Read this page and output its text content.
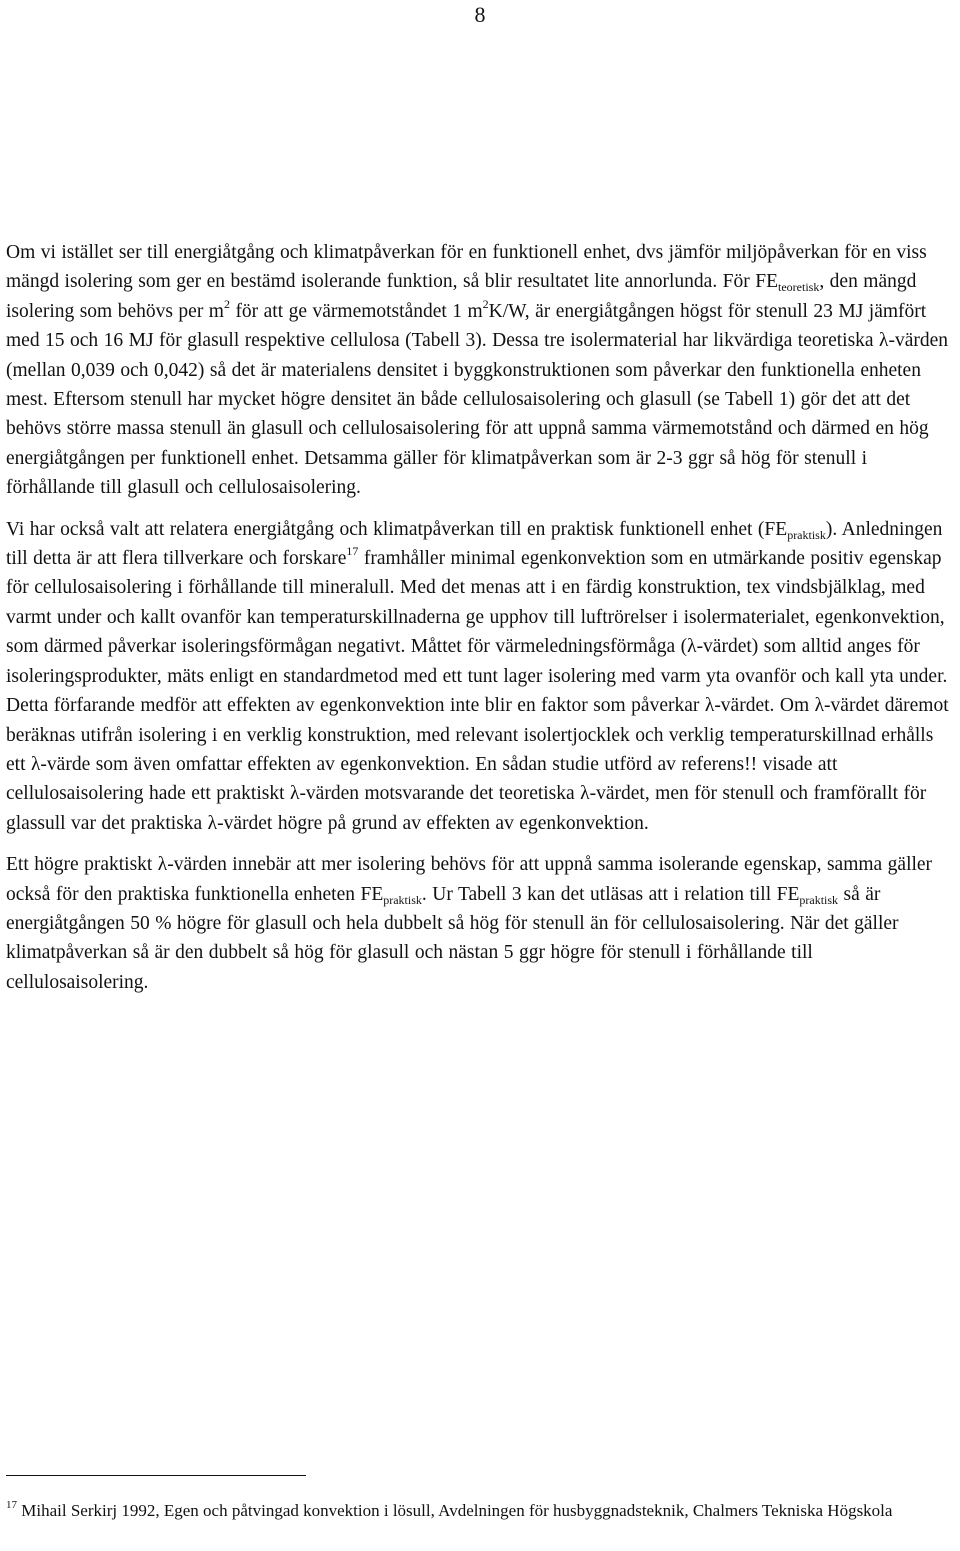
8

Om vi istället ser till energiåtgång och klimatpåverkan för en funktionell enhet, dvs jämför miljöpåverkan för en viss mängd isolering som ger en bestämd isolerande funktion, så blir resultatet lite annorlunda. För $FE_{teoretisk}$, den mängd isolering som behövs per $m^2$ för att ge värmemotståndet 1 $m^2K/W$, är energiåtgången högst för stenull 23 MJ jämfört med 15 och 16 MJ för glasull respektive cellulosa (Tabell 3). Dessa tre isolermaterial har likvärdiga teoretiska λ-värden (mellan 0,039 och 0,042) så det är materialens densitet i byggkonstruktionen som påverkar den funktionella enheten mest. Eftersom stenull har mycket högre densitet än både cellulosaisolering och glasull (se Tabell 1) gör det att det behövs större massa stenull än glasull och cellulosaisolering för att uppnå samma värmemotstånd och därmed en hög energiåtgången per funktionell enhet. Detsamma gäller för klimatpåverkan som är 2-3 ggr så hög för stenull i förhållande till glasull och cellulosaisolering.

Vi har också valt att relatera energiåtgång och klimatpåverkan till en praktisk funktionell enhet $(FE_{praktisk})$. Anledningen till detta är att flera tillverkare och forskare$^{17}$ framhåller minimal egenkonvektion som en utmärkande positiv egenskap för cellulosaisolering i förhållande till mineralull. Med det menas att i en färdig konstruktion, tex vindsbjälklag, med varmt under och kallt ovanför kan temperaturskillnaderna ge upphov till luftrörelser i isolermaterialet, egenkonvektion, som därmed påverkar isoleringsförmågan negativt. Måttet för värmeledningsförmåga (λ-värdet) som alltid anges för isoleringsprodukter, mäts enligt en standardmetod med ett tunt lager isolering med varm yta ovanför och kall yta under. Detta förfarande medför att effekten av egenkonvektion inte blir en faktor som påverkar λ-värdet. Om λ-värdet däremot beräknas utifrån isolering i en verklig konstruktion, med relevant isolertjocklek och verklig temperaturskillnad erhålls ett λ-värde som även omfattar effekten av egenkonvektion. En sådan studie utförd av referens!! visade att cellulosaisolering hade ett praktiskt λ-värden motsvarande det teoretiska λ-värdet, men för stenull och framförallt för glassull var det praktiska λ-värdet högre på grund av effekten av egenkonvektion.

Ett högre praktiskt λ-värden innebär att mer isolering behövs för att uppnå samma isolerande egenskap, samma gäller också för den praktiska funktionella enheten $FE_{praktisk}$. Ur Tabell 3 kan det utläsas att i relation till $FE_{praktisk}$ så är energiåtgången 50 % högre för glasull och hela dubbelt så hög för stenull än för cellulosaisolering. När det gäller klimatpåverkan så är den dubbelt så hög för glasull och nästan 5 ggr högre för stenull i förhållande till cellulosaisolering.

$^{17}$ Mihail Serkirj 1992, Egen och påtvingad konvektion i lösull, Avdelningen för husbyggnadsteknik, Chalmers Tekniska Högskola
